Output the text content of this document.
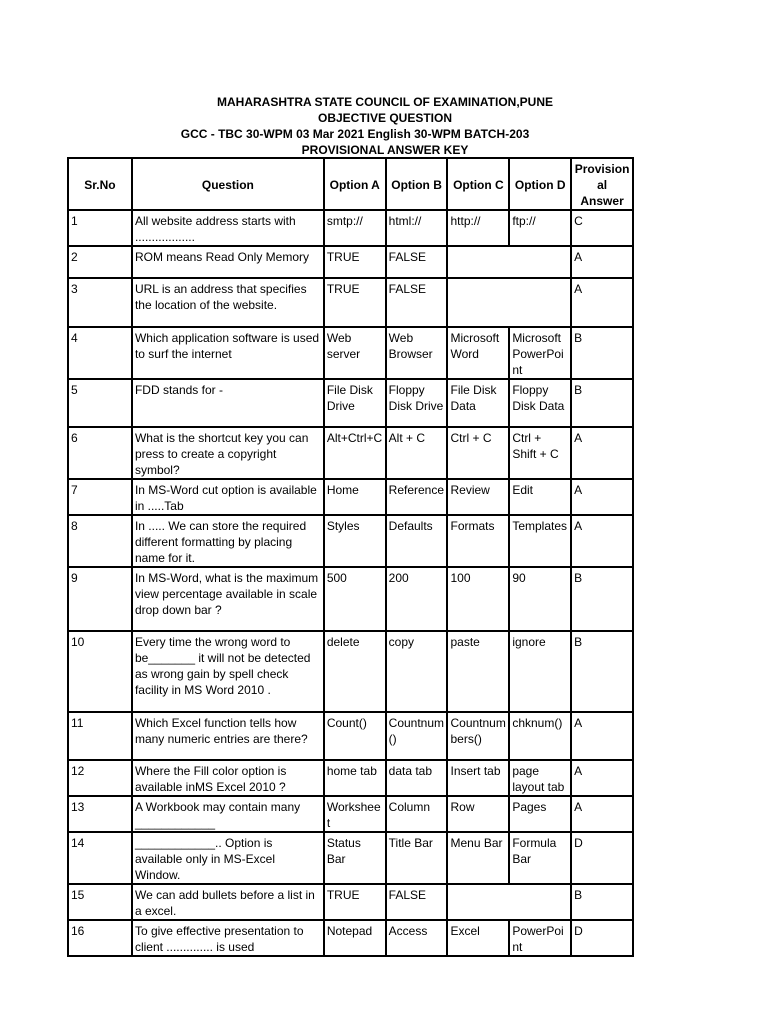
MAHARASHTRA STATE COUNCIL OF EXAMINATION,PUNE
OBJECTIVE QUESTION
GCC - TBC 30-WPM 03 Mar 2021 English 30-WPM BATCH-203
PROVISIONAL ANSWER KEY
Sr.No	Question	Option A	Option B	Option C	Option D	Provisional Answer
1	All website address starts with ..................	smtp://	html://	http://	ftp://	C
2	ROM means Read Only Memory	TRUE	FALSE			A
3	URL is an address that specifies the location of the website.	TRUE	FALSE			A
4	Which application software is used to surf the internet	Web server	Web Browser	Microsoft Word	Microsoft PowerPoint	B
5	FDD stands for -	File Disk Drive	Floppy Disk Drive	File Disk Data	Floppy Disk Data	B
6	What is the shortcut key you can press to create a copyright symbol?	Alt+Ctrl+C	Alt + C	Ctrl + C	Ctrl + Shift + C	A
7	In MS-Word cut option is available in .....Tab	Home	Reference	Review	Edit	A
8	In ..... We can store the required different formatting by placing name for it.	Styles	Defaults	Formats	Templates	A
9	In MS-Word, what is the maximum view percentage available in scale drop down bar ?	500	200	100	90	B
10	Every time the wrong word to be_______ it will not be detected as wrong gain by spell check facility in MS Word 2010 .	delete	copy	paste	ignore	B
11	Which Excel function tells how many numeric entries are there?	Count()	Countnum()	Countnumbers()	chknum()	A
12	Where the Fill color option is available inMS Excel 2010 ?	home tab	data tab	Insert tab	page layout tab	A
13	A Workbook may contain many ____________	Worksheet	Column	Row	Pages	A
14	____________.. Option is available only in MS-Excel Window.	Status Bar	Title Bar	Menu Bar	Formula Bar	D
15	We can add bullets before a list in a excel.	TRUE	FALSE			B
16	To give effective presentation to client .............. is used	Notepad	Access	Excel	PowerPoint	D
